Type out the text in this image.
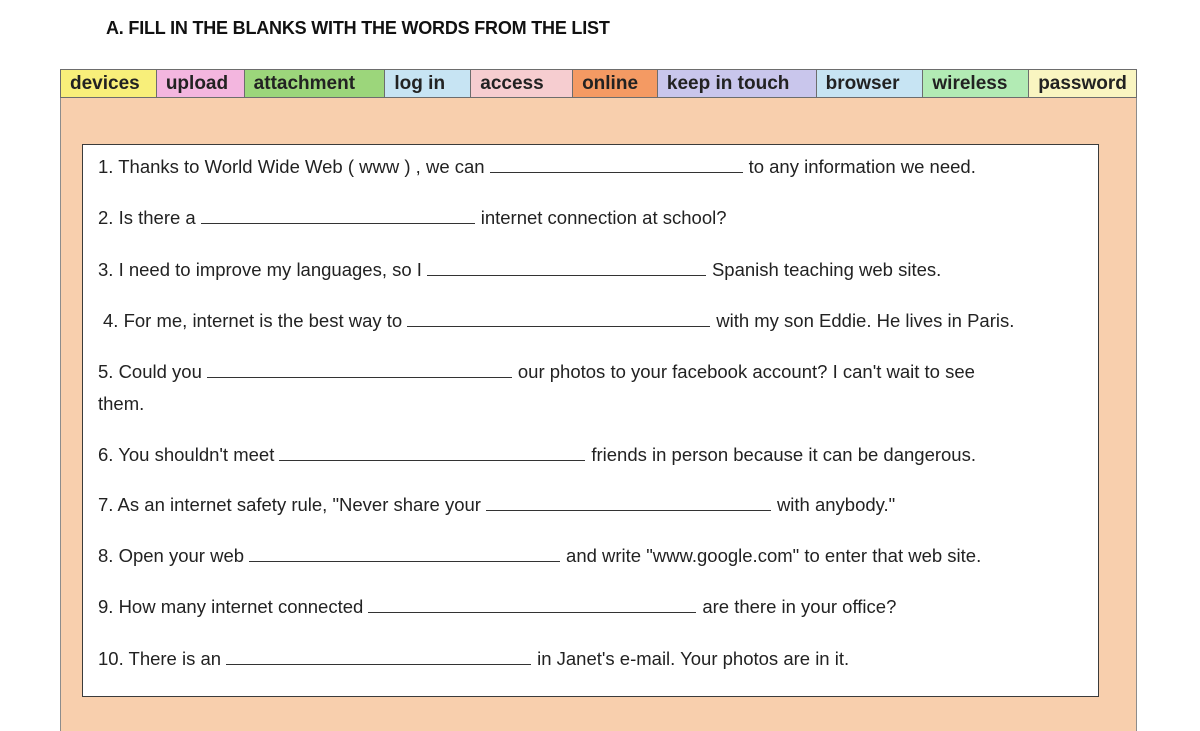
A. FILL IN THE BLANKS WITH THE WORDS FROM THE LIST
devices	upload	attachment	log in	access	online	keep in touch	browser	wireless	password
1. Thanks to World Wide Web ( www ) , we can	to any information we need.
2. Is there a	internet connection at school?
3. I need to improve my languages, so I	Spanish teaching web sites.
4. For me, internet is the best way to	with my son Eddie. He lives in Paris.
5. Could you	our photos to your facebook account? I can't wait to see
them.
6. You shouldn't meet	friends in person because it can be dangerous.
7. As an internet safety rule, "Never share your	with anybody."
8. Open your web	and write "www.google.com" to enter that web site.
9. How many internet connected	are there in your office?
10. There is an	in Janet's e-mail. Your photos are in it.
